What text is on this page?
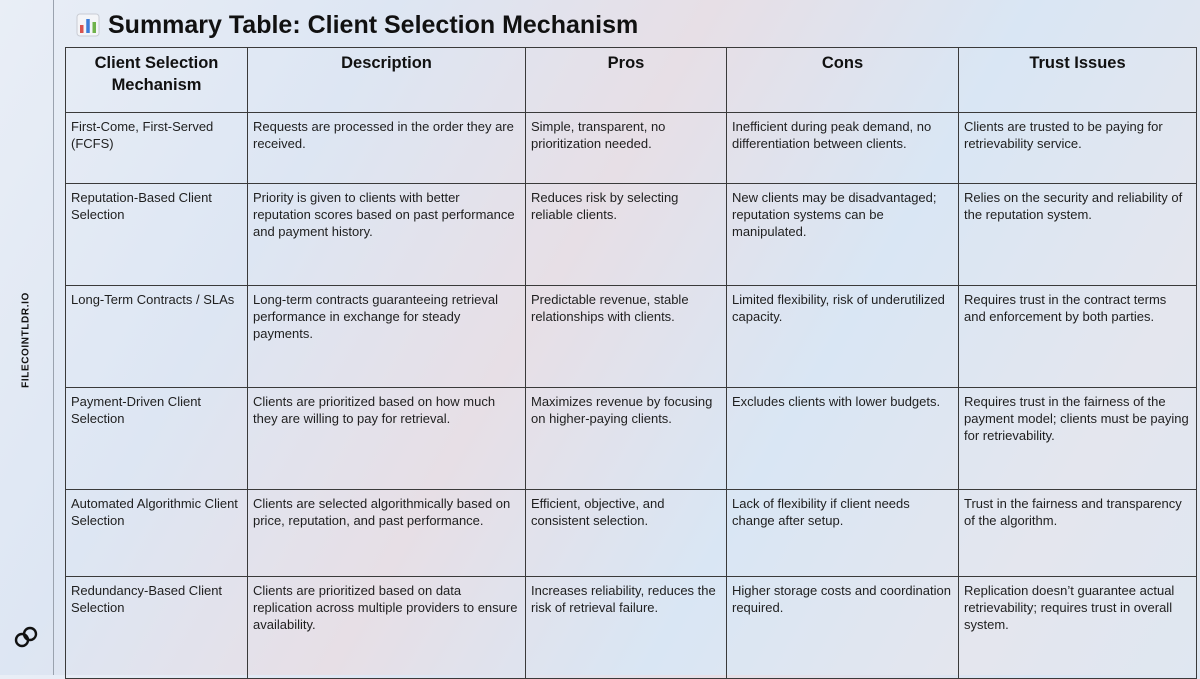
FILECOINTLDR.IO
Summary Table: Client Selection Mechanism
Client Selection Mechanism	Description	Pros	Cons	Trust Issues
First-Come, First-Served (FCFS)	Requests are processed in the order they are received.	Simple, transparent, no prioritization needed.	Inefficient during peak demand, no differentiation between clients.	Clients are trusted to be paying for retrievability service.
Reputation-Based Client Selection	Priority is given to clients with better reputation scores based on past performance and payment history.	Reduces risk by selecting reliable clients.	New clients may be disadvantaged; reputation systems can be manipulated.	Relies on the security and reliability of the reputation system.
Long-Term Contracts / SLAs	Long-term contracts guaranteeing retrieval performance in exchange for steady payments.	Predictable revenue, stable relationships with clients.	Limited flexibility, risk of underutilized capacity.	Requires trust in the contract terms and enforcement by both parties.
Payment-Driven Client Selection	Clients are prioritized based on how much they are willing to pay for retrieval.	Maximizes revenue by focusing on higher-paying clients.	Excludes clients with lower budgets.	Requires trust in the fairness of the payment model; clients must be paying for retrievability.
Automated Algorithmic Client Selection	Clients are selected algorithmically based on price, reputation, and past performance.	Efficient, objective, and consistent selection.	Lack of flexibility if client needs change after setup.	Trust in the fairness and transparency of the algorithm.
Redundancy-Based Client Selection	Clients are prioritized based on data replication across multiple providers to ensure availability.	Increases reliability, reduces the risk of retrieval failure.	Higher storage costs and coordination required.	Replication doesn’t guarantee actual retrievability; requires trust in overall system.
